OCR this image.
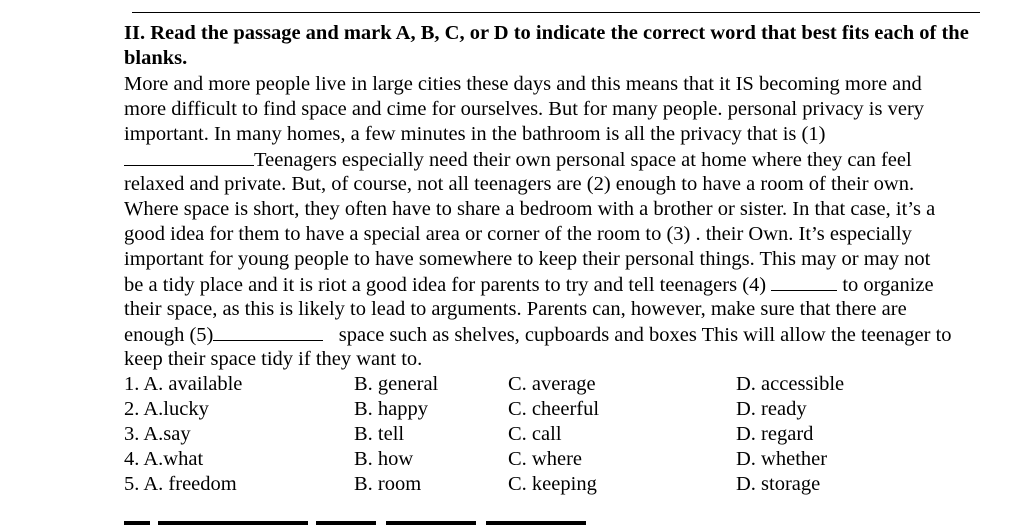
II. Read the passage and mark A, B, C, or D to indicate the correct word that best fits each of the blanks.
More and more people live in large cities these days and this means that it IS becoming more and
more difficult to find space and cime for ourselves. But for many people. personal privacy is very
important. In many homes, a few minutes in the bathroom is all the privacy that is (1)
Teenagers especially need their own personal space at home where they can feel
relaxed and private. But, of course, not all teenagers are (2) enough to have a room of their own.
Where space is short, they often have to share a bedroom with a brother or sister. In that case, it’s a
good idea for them to have a special area or corner of the room to (3) . their Own. It’s especially
important for young people to have somewhere to keep their personal things. This may or may not
be a tidy place and it is riot a good idea for parents to try and tell teenagers (4)	to organize
their space, as this is likely to lead to arguments. Parents can, however, make sure that there are
enough (5)	space such as shelves, cupboards and boxes This will allow the teenager to
keep their space tidy if they want to.
1. A. available	B. general	C. average	D. accessible
2. A.lucky	B. happy	C. cheerful	D. ready
3. A.say	B. tell	C. call	D. regard
4. A.what	B. how	C. where	D. whether
5. A. freedom	B. room	C. keeping	D. storage
